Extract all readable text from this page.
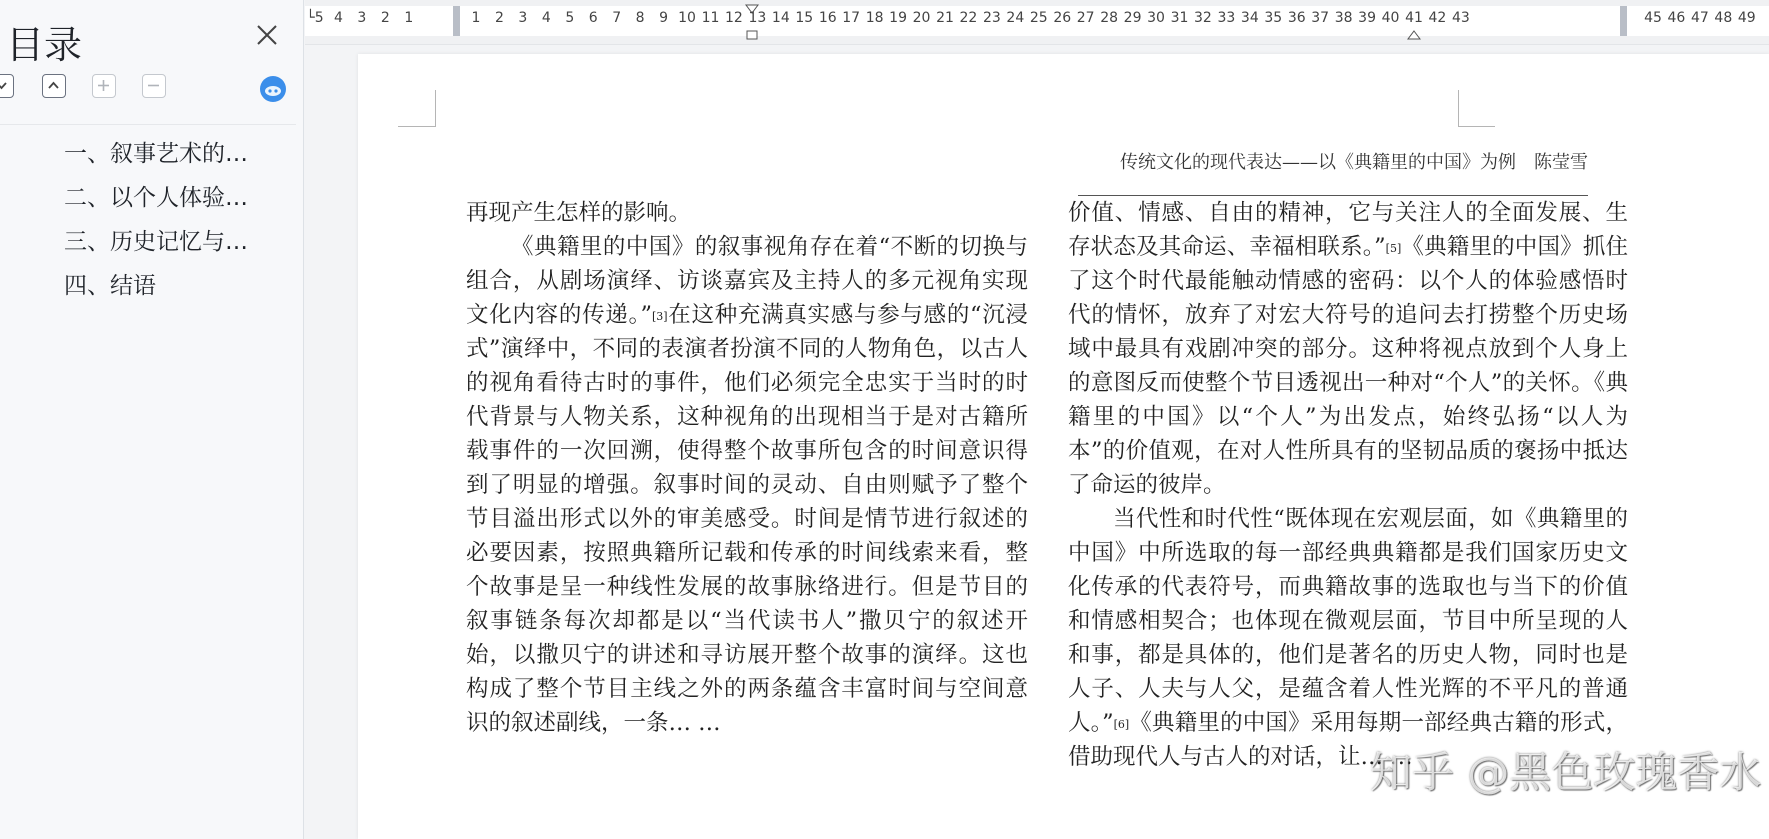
目录
一、叙事艺术的…
二、以个人体验…
三、历史记忆与…
四、结语
└5 4 3 2 1	1 2 3 4 5 6 7 8 9 10 11 12 13 14 15 16 17 18 19 20 21 22 23 24 25 26 27 28 29 30 31 32 33 34 35 36 37 38 39 40 41 42 43	45 46 47 48 49
传统文化的现代表达——以《典籍里的中国》为例　陈莹雪

再现产生怎样的影响。

《典籍里的中国》的叙事视角存在着“不断的切换与组合，从剧场演绎、访谈嘉宾及主持人的多元视角实现文化内容的传递。”[3]在这种充满真实感与参与感的“沉浸式”演绎中，不同的表演者扮演不同的人物角色，以古人的视角看待古时的事件，他们必须完全忠实于当时的时代背景与人物关系，这种视角的出现相当于是对古籍所载事件的一次回溯，使得整个故事所包含的时间意识得到了明显的增强。叙事时间的灵动、自由则赋予了整个节目溢出形式以外的审美感受。时间是情节进行叙述的必要因素，按照典籍所记载和传承的时间线索来看，整个故事是呈一种线性发展的故事脉络进行。但是节目的叙事链条每次却都是以“当代读书人”撒贝宁的叙述开始，以撒贝宁的讲述和寻访展开整个故事的演绎。这也构成了整个节目主线之外的两条蕴含丰富时间与空间意识的叙述副线，一条… …

价值、情感、自由的精神，它与关注人的全面发展、生存状态及其命运、幸福相联系。”[5]《典籍里的中国》抓住了这个时代最能触动情感的密码：以个人的体验感悟时代的情怀，放弃了对宏大符号的追问去打捞整个历史场域中最具有戏剧冲突的部分。这种将视点放到个人身上的意图反而使整个节目透视出一种对“个人”的关怀。《典籍里的中国》以“个人”为出发点，始终弘扬“以人为本”的价值观，在对人性所具有的坚韧品质的褒扬中抵达了命运的彼岸。

当代性和时代性“既体现在宏观层面，如《典籍里的中国》中所选取的每一部经典典籍都是我们国家历史文化传承的代表符号，而典籍故事的选取也与当下的价值和情感相契合；也体现在微观层面，节目中所呈现的人和事，都是具体的，他们是著名的历史人物，同时也是人子、人夫与人父，是蕴含着人性光辉的不平凡的普通人。”[6]《典籍里的中国》采用每期一部经典古籍的形式，借助现代人与古人的对话，让… …

知乎 @黑色玫瑰香水
